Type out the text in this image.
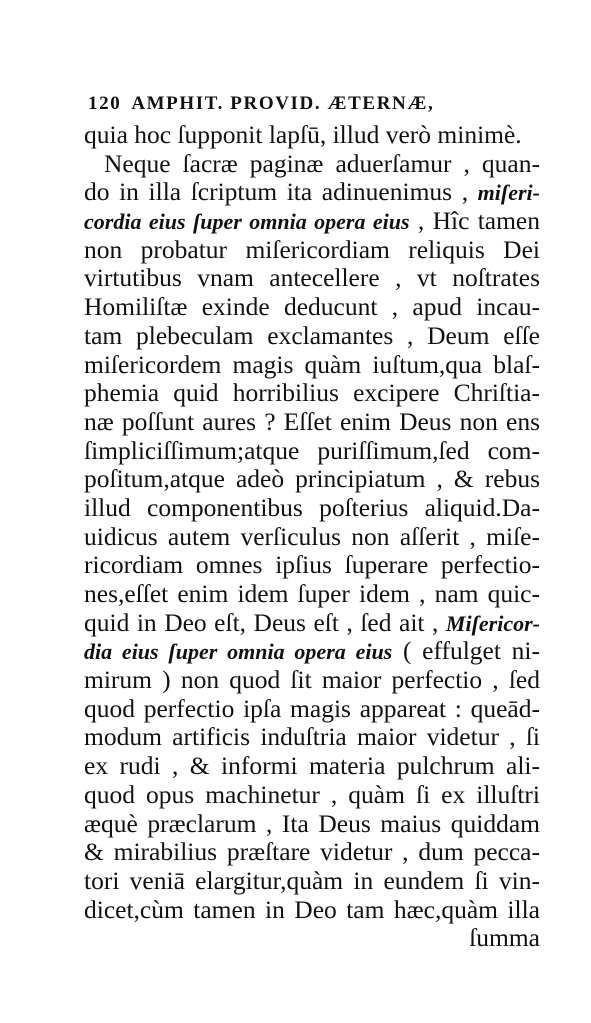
120 AMPHIT. PROVID. ÆTERNÆ,
quia hoc ſupponit lapſū, illud verò minimè.
Neque ſacræ paginæ aduerſamur , quan-
do in illa ſcriptum ita adinuenimus , miſeri-
cordia eius ſuper omnia opera eius , Hîc tamen
non probatur miſericordiam reliquis Dei
virtutibus vnam antecellere , vt noſtrates
Homiliſtæ exinde deducunt , apud incau-
tam plebeculam exclamantes , Deum eſſe
miſericordem magis quàm iuſtum,qua blaſ-
phemia quid horribilius excipere Chriſtia-
næ poſſunt aures ? Eſſet enim Deus non ens
ſimpliciſſimum;atque puriſſimum,ſed com-
poſitum,atque adeò principiatum , & rebus
illud componentibus poſterius aliquid.Da-
uidicus autem verſiculus non aſſerit , miſe-
ricordiam omnes ipſius ſuperare perfectio-
nes,eſſet enim idem ſuper idem , nam quic-
quid in Deo eſt, Deus eſt , ſed ait , Miſericor-
dia eius ſuper omnia opera eius ( effulget ni-
mirum ) non quod ſit maior perfectio , ſed
quod perfectio ipſa magis appareat : queād-
modum artificis induſtria maior videtur , ſi
ex rudi , & informi materia pulchrum ali-
quod opus machinetur , quàm ſi ex illuſtri
æquè præclarum , Ita Deus maius quiddam
& mirabilius præſtare videtur , dum pecca-
tori veniā elargitur,quàm in eundem ſi vin-
dicet,cùm tamen in Deo tam hæc,quàm illa
ſumma
